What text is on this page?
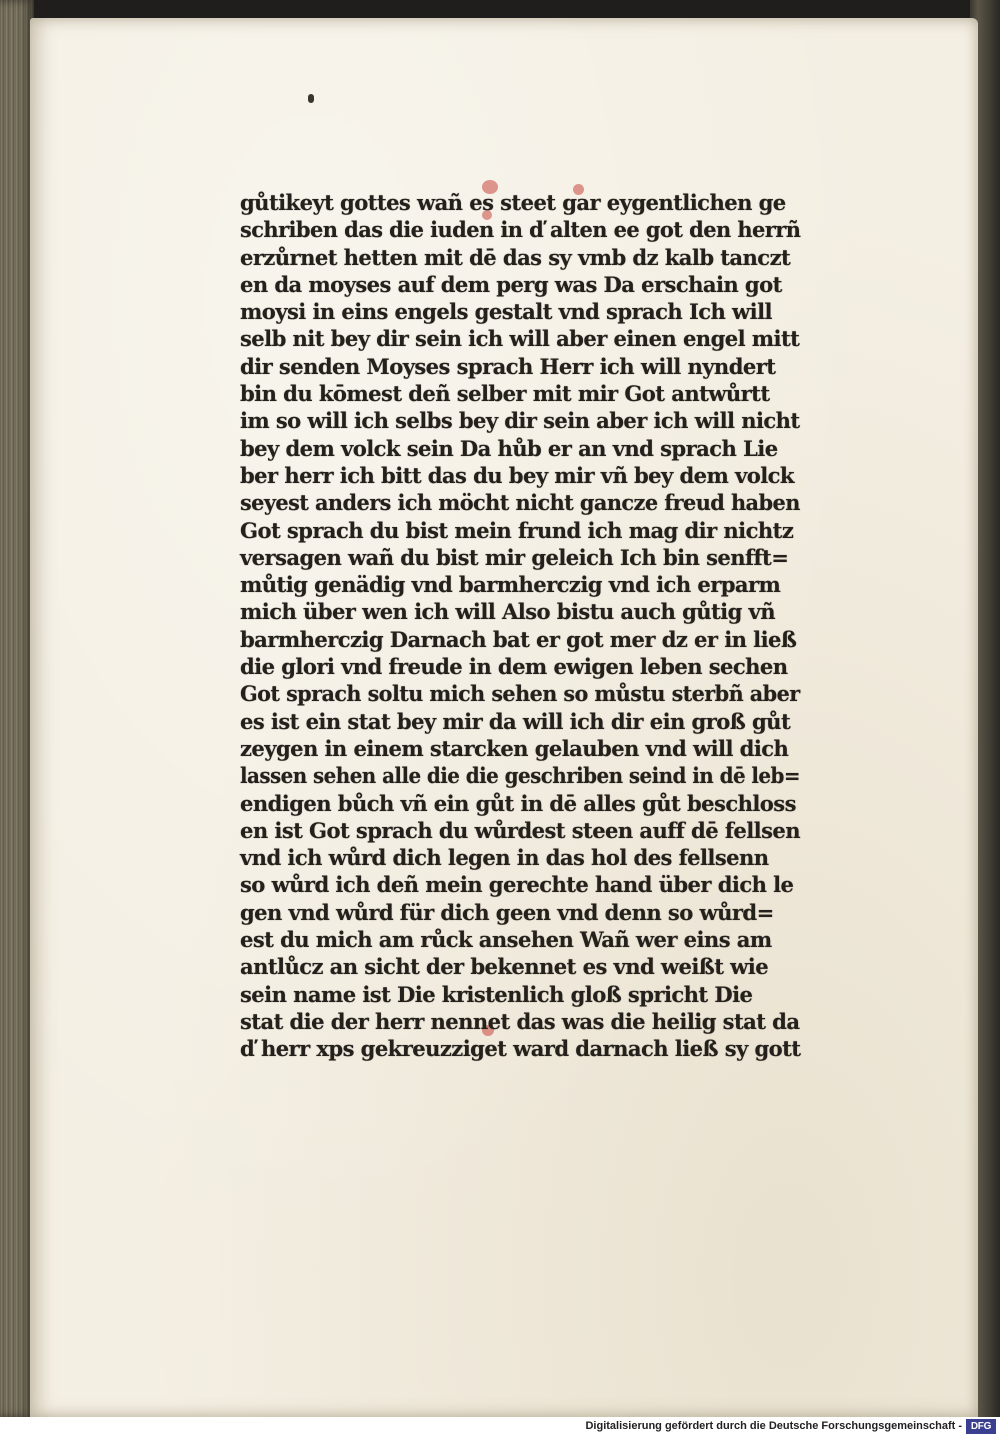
gůtikeyt gottes wañ es steet gar eygentlichen ge
schriben das die iuden in ď alten ee got den herrñ
erzůrnet hetten mit dē das sy vmb dz kalb tanczt
en da moyses auf dem perg was Da erschain got
moysi in eins engels gestalt vnd sprach Ich will
selb nit bey dir sein ich will aber einen engel mitt
dir senden Moyses sprach Herr ich will nyndert
bin du kōmest deñ selber mit mir Got antwůrtt
im so will ich selbs bey dir sein aber ich will nicht
bey dem volck sein Da hůb er an vnd sprach Lie
ber herr ich bitt das du bey mir vñ bey dem volck
seyest anders ich möcht nicht gancze freud haben
Got sprach du bist mein frund ich mag dir nichtz
versagen wañ du bist mir geleich Ich bin senfft=
můtig genädig vnd barmherczig vnd ich erparm
mich über wen ich will Also bistu auch gůtig vñ
barmherczig Darnach bat er got mer dz er in ließ
die glori vnd freude in dem ewigen leben sechen
Got sprach soltu mich sehen so můstu sterbñ aber
es ist ein stat bey mir da will ich dir ein groß gůt
zeygen in einem starcken gelauben vnd will dich
lassen sehen alle die die geschriben seind in dē leb=
endigen bůch vñ ein gůt in dē alles gůt beschloss
en ist Got sprach du wůrdest steen auff dē fellsen
vnd ich wůrd dich legen in das hol des fellsenn
so wůrd ich deñ mein gerechte hand über dich le
gen vnd wůrd für dich geen vnd denn so wůrd=
est du mich am růck ansehen Wañ wer eins am
antlůcz an sicht der bekennet es vnd weißt wie
sein name ist Die kristenlich gloß spricht Die
stat die der herr nennet das was die heilig stat da
ď herr xps gekreuzziget ward darnach ließ sy gott
Digitalisierung gefördert durch die Deutsche Forschungsgemeinschaft - DFG
